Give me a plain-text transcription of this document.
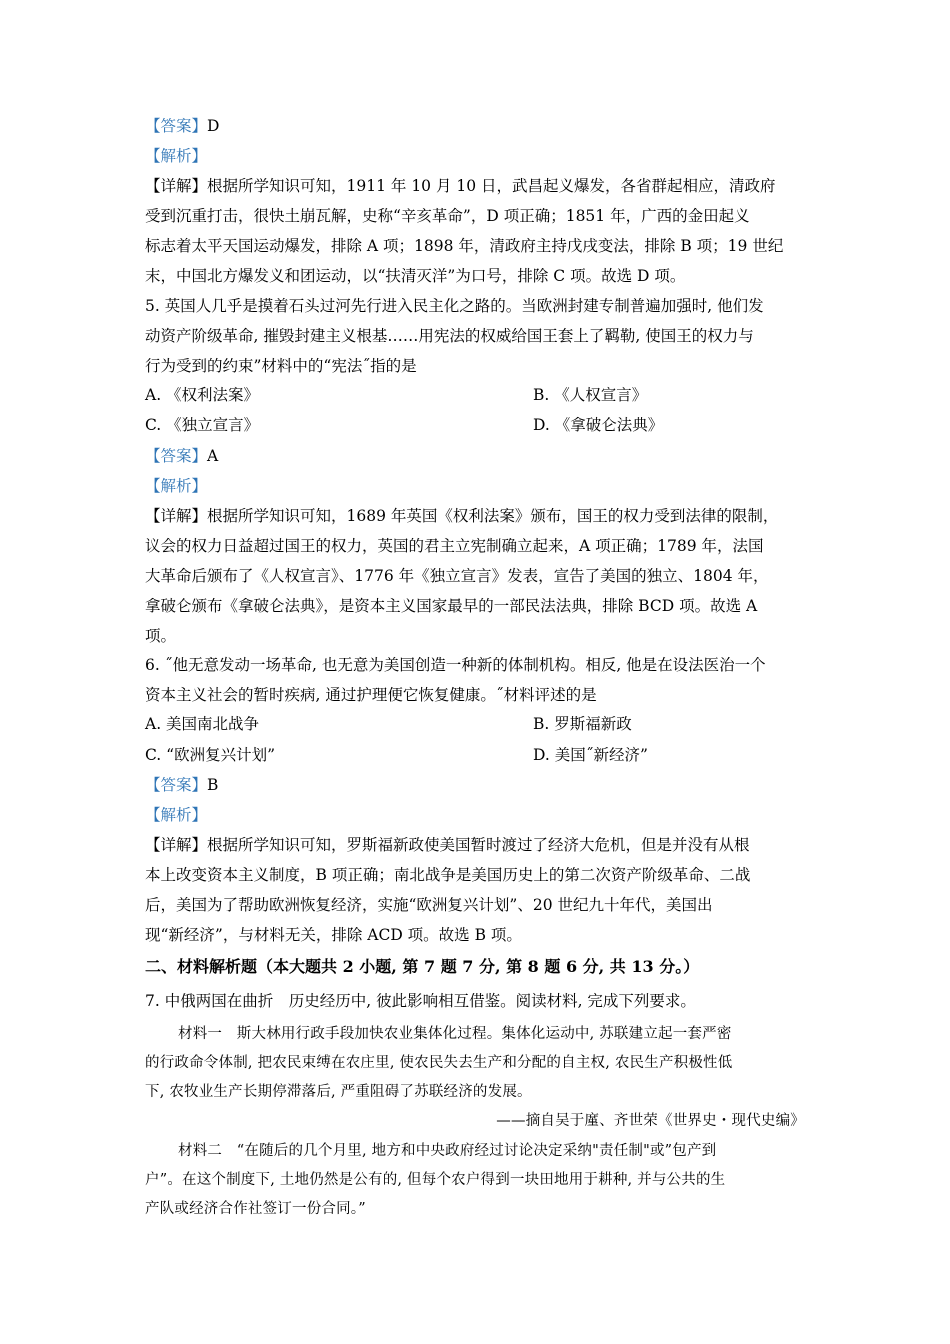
【答案】D
【解析】
【详解】根据所学知识可知，1911 年 10 月 10 日，武昌起义爆发，各省群起相应，清政府
受到沉重打击，很快土崩瓦解，史称“辛亥革命”，D 项正确；1851 年，广西的金田起义
标志着太平天国运动爆发，排除 A 项；1898 年，清政府主持戊戌变法，排除 B 项；19 世纪
末，中国北方爆发义和团运动，以“扶清灭洋”为口号，排除 C 项。故选 D 项。
5. 英国人几乎是摸着石头过河先行进入民主化之路的。当欧洲封建专制普遍加强时, 他们发
动资产阶级革命, 摧毁封建主义根基……用宪法的权威给国王套上了羁勒, 使国王的权力与
行为受到的约束”材料中的“宪法˝指的是
A. 《权利法案》	B. 《人权宣言》
C. 《独立宣言》	D. 《拿破仑法典》
【答案】A
【解析】
【详解】根据所学知识可知，1689 年英国《权利法案》颁布，国王的权力受到法律的限制，
议会的权力日益超过国王的权力，英国的君主立宪制确立起来，A 项正确；1789 年，法国
大革命后颁布了《人权宣言》、1776 年《独立宣言》发表，宣告了美国的独立、1804 年，
拿破仑颁布《拿破仑法典》，是资本主义国家最早的一部民法法典，排除 BCD 项。故选 A
项。
6. ˝他无意发动一场革命, 也无意为美国创造一种新的体制机构。相反, 他是在设法医治一个
资本主义社会的暂时疾病, 通过护理便它恢复健康。˝材料评述的是
A. 美国南北战争	B. 罗斯福新政
C. “欧洲复兴计划”	D. 美国˝新经济”
【答案】B
【解析】
【详解】根据所学知识可知，罗斯福新政使美国暂时渡过了经济大危机，但是并没有从根
本上改变资本主义制度，B 项正确；南北战争是美国历史上的第二次资产阶级革命、二战
后，美国为了帮助欧洲恢复经济，实施“欧洲复兴计划”、20 世纪九十年代，美国出
现“新经济”，与材料无关，排除 ACD 项。故选 B 项。
二、材料解析题（本大题共 2 小题, 第 7 题 7 分, 第 8 题 6 分, 共 13 分。）
7. 中俄两国在曲折　历史经历中, 彼此影响相互借鉴。阅读材料, 完成下列要求。
材料一　斯大林用行政手段加快农业集体化过程。集体化运动中, 苏联建立起一套严密
的行政命令体制, 把农民束缚在农庄里, 使农民失去生产和分配的自主权, 农民生产积极性低
下, 农牧业生产长期停滞落后, 严重阻碍了苏联经济的发展。
——摘自吴于廑、齐世荣《世界史・现代史编》
材料二　“在随后的几个月里, 地方和中央政府经过讨论决定采纳"责任制"或”包产到
户”。在这个制度下, 土地仍然是公有的, 但每个农户得到一块田地用于耕种, 并与公共的生
产队或经济合作社签订一份合同。”
